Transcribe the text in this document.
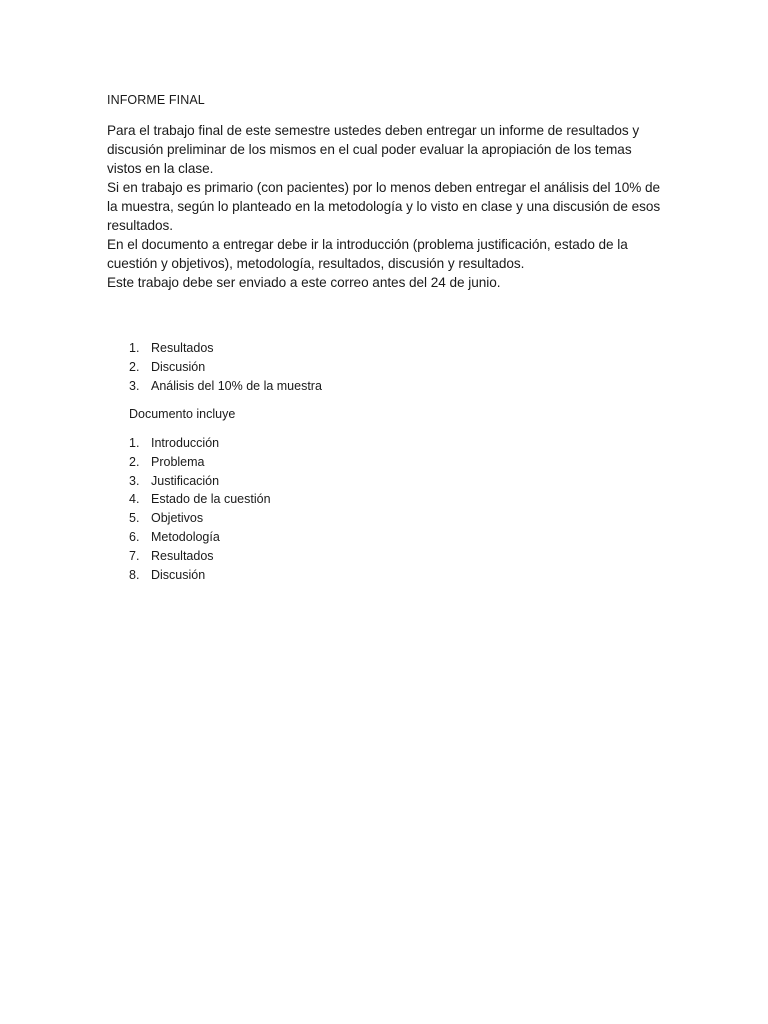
INFORME FINAL

Para el trabajo final de este semestre ustedes deben entregar un informe de resultados y discusión preliminar de los mismos en el cual poder evaluar la apropiación de los temas vistos en la clase.

Si en trabajo es primario (con pacientes) por lo menos deben entregar el análisis del 10% de la muestra, según lo planteado en la metodología y lo visto en clase y una discusión de esos resultados.

En el documento a entregar debe ir la introducción (problema justificación, estado de la cuestión y objetivos), metodología, resultados, discusión y resultados.

Este trabajo debe ser enviado a este correo antes del 24 de junio.

1. Resultados
2. Discusión
3. Análisis del 10% de la muestra
Documento incluye
1. Introducción
2. Problema
3. Justificación
4. Estado de la cuestión
5. Objetivos
6. Metodología
7. Resultados
8. Discusión
